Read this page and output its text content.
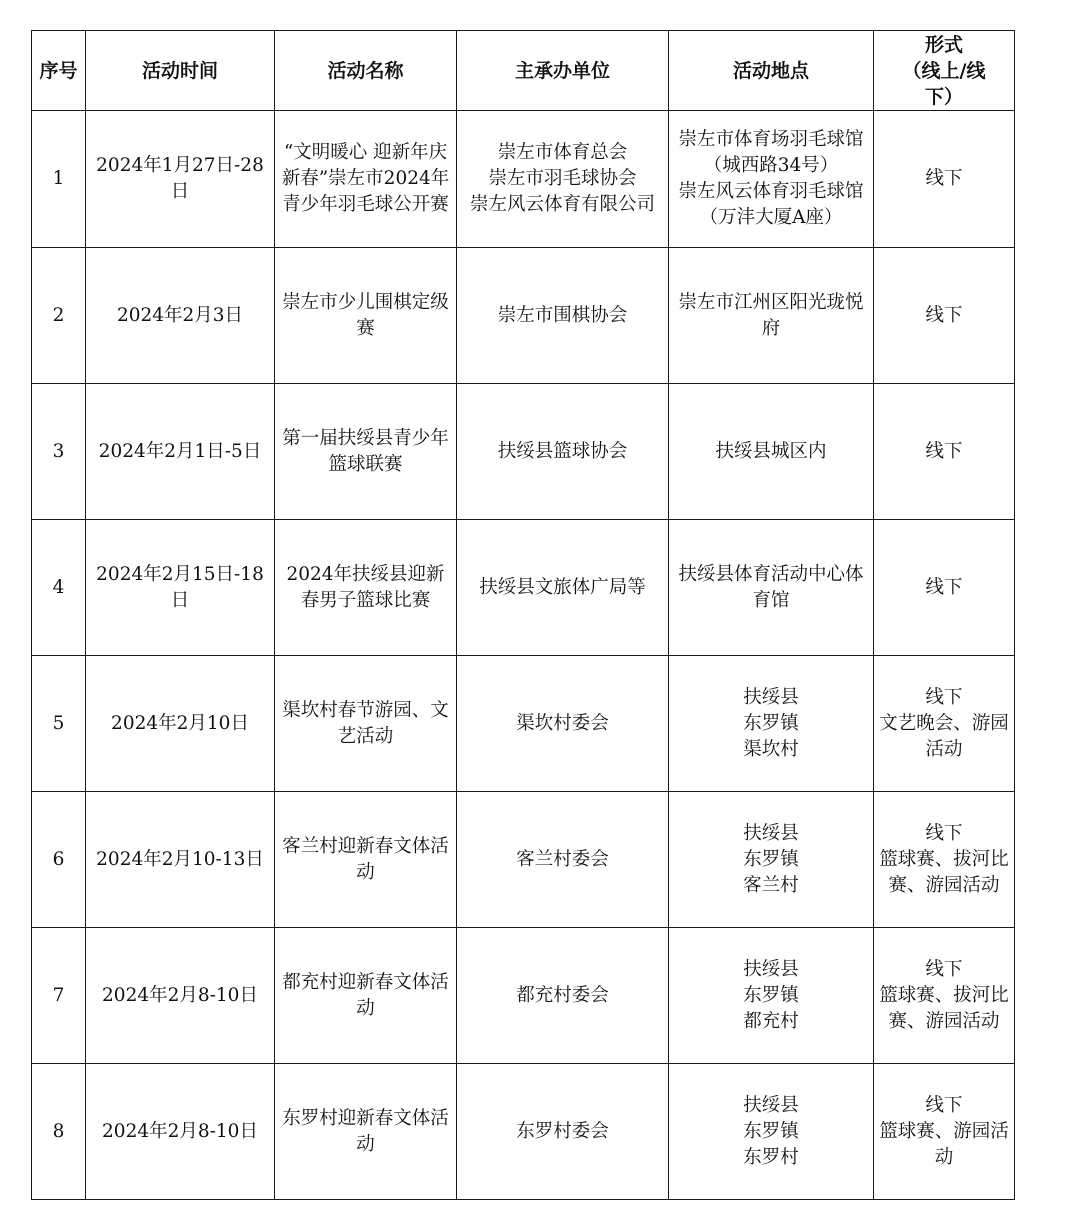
序号	活动时间	活动名称	主承办单位	活动地点	形式
（线上/线
下）

1	2024年1月27日-28日	“文明暖心 迎新年庆新春”崇左市2024年青少年羽毛球公开赛	崇左市体育总会
崇左市羽毛球协会
崇左风云体育有限公司	崇左市体育场羽毛球馆（城西路34号）
崇左风云体育羽毛球馆（万沣大厦A座）	线下

2	2024年2月3日	崇左市少儿围棋定级赛	崇左市围棋协会	崇左市江州区阳光珑悦府	线下

3	2024年2月1日-5日	第一届扶绥县青少年篮球联赛	扶绥县篮球协会	扶绥县城区内	线下

4	2024年2月15日-18日	2024年扶绥县迎新春男子篮球比赛	扶绥县文旅体广局等	扶绥县体育活动中心体育馆	线下

5	2024年2月10日	渠坎村春节游园、文艺活动	渠坎村委会	扶绥县
东罗镇
渠坎村	线下
文艺晚会、游园活动

6	2024年2月10-13日	客兰村迎新春文体活动	客兰村委会	扶绥县
东罗镇
客兰村	线下
篮球赛、拔河比赛、游园活动

7	2024年2月8-10日	都充村迎新春文体活动	都充村委会	扶绥县
东罗镇
都充村	线下
篮球赛、拔河比赛、游园活动

8	2024年2月8-10日	东罗村迎新春文体活动	东罗村委会	扶绥县
东罗镇
东罗村	线下
篮球赛、游园活动
